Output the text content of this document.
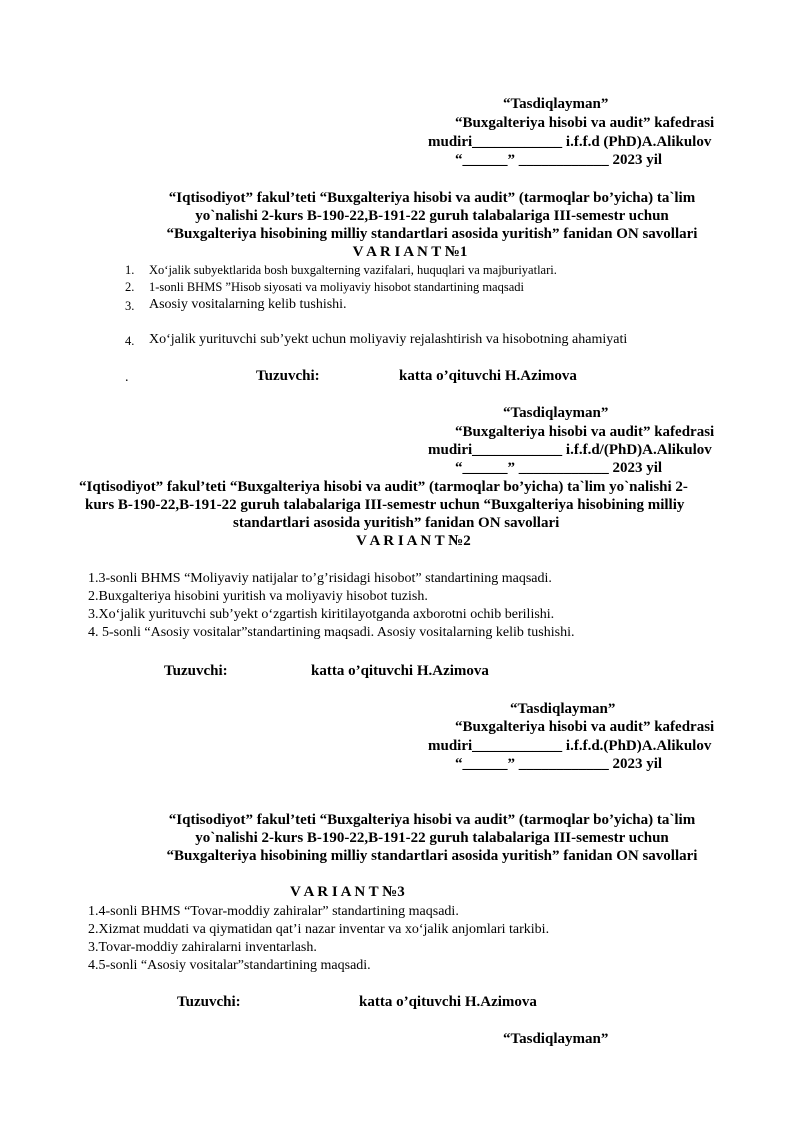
“Tasdiqlayman”
“Buxgalteriya hisobi va audit” kafedrasi
mudiri____________ i.f.f.d (PhD)A.Alikulov
“______” ____________ 2023 yil
“Iqtisodiyot” fakul’teti “Buxgalteriya hisobi va audit” (tarmoqlar bo’yicha) ta`lim
yo`nalishi 2-kurs B-190-22,B-191-22 guruh talabalariga III-semestr uchun
“Buxgalteriya hisobining milliy standartlari asosida yuritish” fanidan ON savollari
V A R I A N T №1
1. Xo‘jalik subyektlarida bosh buxgalterning vazifalari, huquqlari va majburiyatlari.
2. 1-sonli BHMS ”Hisob siyosati va moliyaviy hisobot standartining maqsadi
3. Asosiy vositalarning kelib tushishi.
4. Xo‘jalik yurituvchi sub’yekt uchun moliyaviy rejalashtirish va hisobotning ahamiyati
.	Tuzuvchi:	katta o’qituvchi H.Azimova
“Tasdiqlayman”
“Buxgalteriya hisobi va audit” kafedrasi
mudiri____________ i.f.f.d/(PhD)A.Alikulov
“______” ____________ 2023 yil
“Iqtisodiyot” fakul’teti “Buxgalteriya hisobi va audit” (tarmoqlar bo’yicha) ta`lim yo`nalishi 2-
kurs B-190-22,B-191-22 guruh talabalariga III-semestr uchun “Buxgalteriya hisobining milliy
standartlari asosida yuritish” fanidan ON savollari
V A R I A N T №2
1.3-sonli BHMS “Moliyaviy natijalar to’g’risidagi hisobot” standartining maqsadi.
2.Buxgalteriya hisobini yuritish va moliyaviy hisobot tuzish.
3.Xo‘jalik yurituvchi sub’yekt o‘zgartish kiritilayotganda axborotni ochib berilishi.
4. 5-sonli “Asosiy vositalar”standartining maqsadi. Asosiy vositalarning kelib tushishi.
Tuzuvchi:	katta o’qituvchi H.Azimova
“Tasdiqlayman”
“Buxgalteriya hisobi va audit” kafedrasi
mudiri____________ i.f.f.d.(PhD)A.Alikulov
“______” ____________ 2023 yil
“Iqtisodiyot” fakul’teti “Buxgalteriya hisobi va audit” (tarmoqlar bo’yicha) ta`lim
yo`nalishi 2-kurs B-190-22,B-191-22 guruh talabalariga III-semestr uchun
“Buxgalteriya hisobining milliy standartlari asosida yuritish” fanidan ON savollari
V A R I A N T №3
1.4-sonli BHMS “Tovar-moddiy zahiralar” standartining maqsadi.
2.Xizmat muddati va qiymatidan qat’i nazar inventar va xo‘jalik anjomlari tarkibi.
3.Tovar-moddiy zahiralarni inventarlash.
4.5-sonli “Asosiy vositalar”standartining maqsadi.
Tuzuvchi:	katta o’qituvchi H.Azimova
“Tasdiqlayman”
